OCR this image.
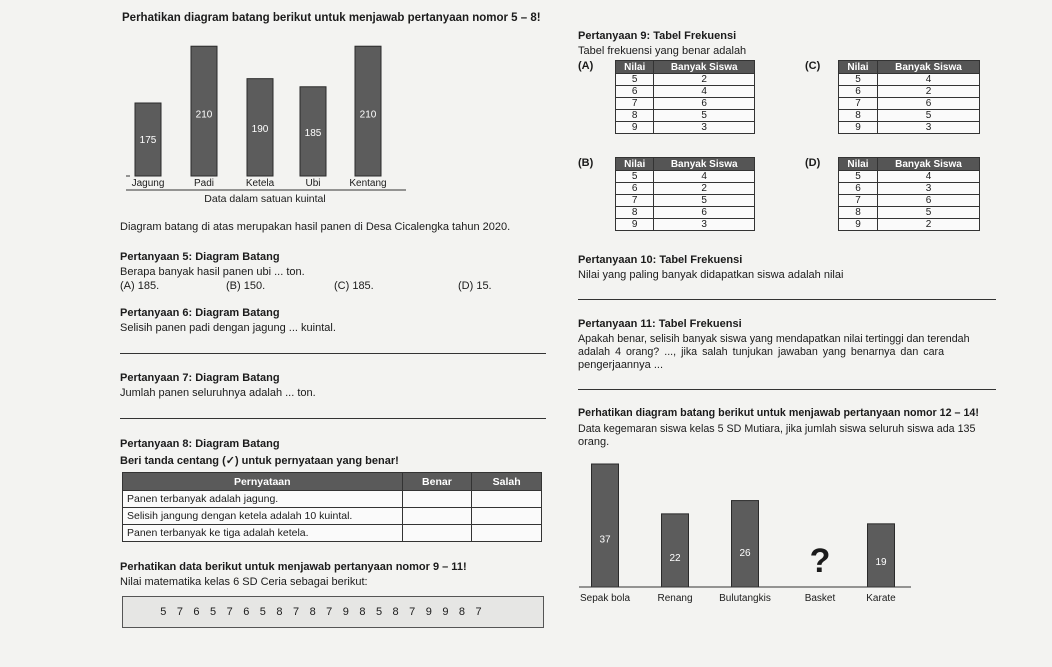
Perhatikan diagram batang berikut untuk menjawab pertanyaan nomor 5 – 8!
175
Jagung
210
Padi
190
Ketela
185
Ubi
210
Kentang
Data dalam satuan kuintal
Diagram batang di atas merupakan hasil panen di Desa Cicalengka tahun 2020.
Pertanyaan 5: Diagram Batang
Berapa banyak hasil panen ubi ... ton.
(A) 185.	(B) 150.	(C) 185.	(D) 15.
Pertanyaan 6: Diagram Batang
Selisih panen padi dengan jagung ... kuintal.
Pertanyaan 7: Diagram Batang
Jumlah panen seluruhnya adalah ... ton.
Pertanyaan 8: Diagram Batang
Beri tanda centang (✓) untuk pernyataan yang benar!
Pernyataan	Benar	Salah
Panen terbanyak adalah jagung.		
Selisih jangung dengan ketela adalah 10 kuintal.		
Panen terbanyak ke tiga adalah ketela.		
Perhatikan data berikut untuk menjawab pertanyaan nomor 9 – 11!
Nilai matematika kelas 6 SD Ceria sebagai berikut:
5 7 6 5 7 6 5 8 7 8 7 9 8 5 8 7 9 9 8 7
Pertanyaan 9: Tabel Frekuensi
Tabel frekuensi yang benar adalah
(A)	Nilai	Banyak Siswa
5	2
6	4
7	6
8	5
9	3
(C)	Nilai	Banyak Siswa
5	4
6	2
7	6
8	5
9	3
(B)	Nilai	Banyak Siswa
5	4
6	2
7	5
8	6
9	3
(D)	Nilai	Banyak Siswa
5	4
6	3
7	6
8	5
9	2
Pertanyaan 10: Tabel Frekuensi
Nilai yang paling banyak didapatkan siswa adalah nilai
Pertanyaan 11: Tabel Frekuensi
Apakah benar, selisih banyak siswa yang mendapatkan nilai tertinggi dan terendah
adalah 4 orang? ..., jika salah tunjukan jawaban yang benarnya dan cara
pengerjaannya ...
Perhatikan diagram batang berikut untuk menjawab pertanyaan nomor 12 – 14!
Data kegemaran siswa kelas 5 SD Mutiara, jika jumlah siswa seluruh siswa ada 135
orang.
37
Sepak bola
22
Renang
26
Bulutangkis
?
Basket
19
Karate
